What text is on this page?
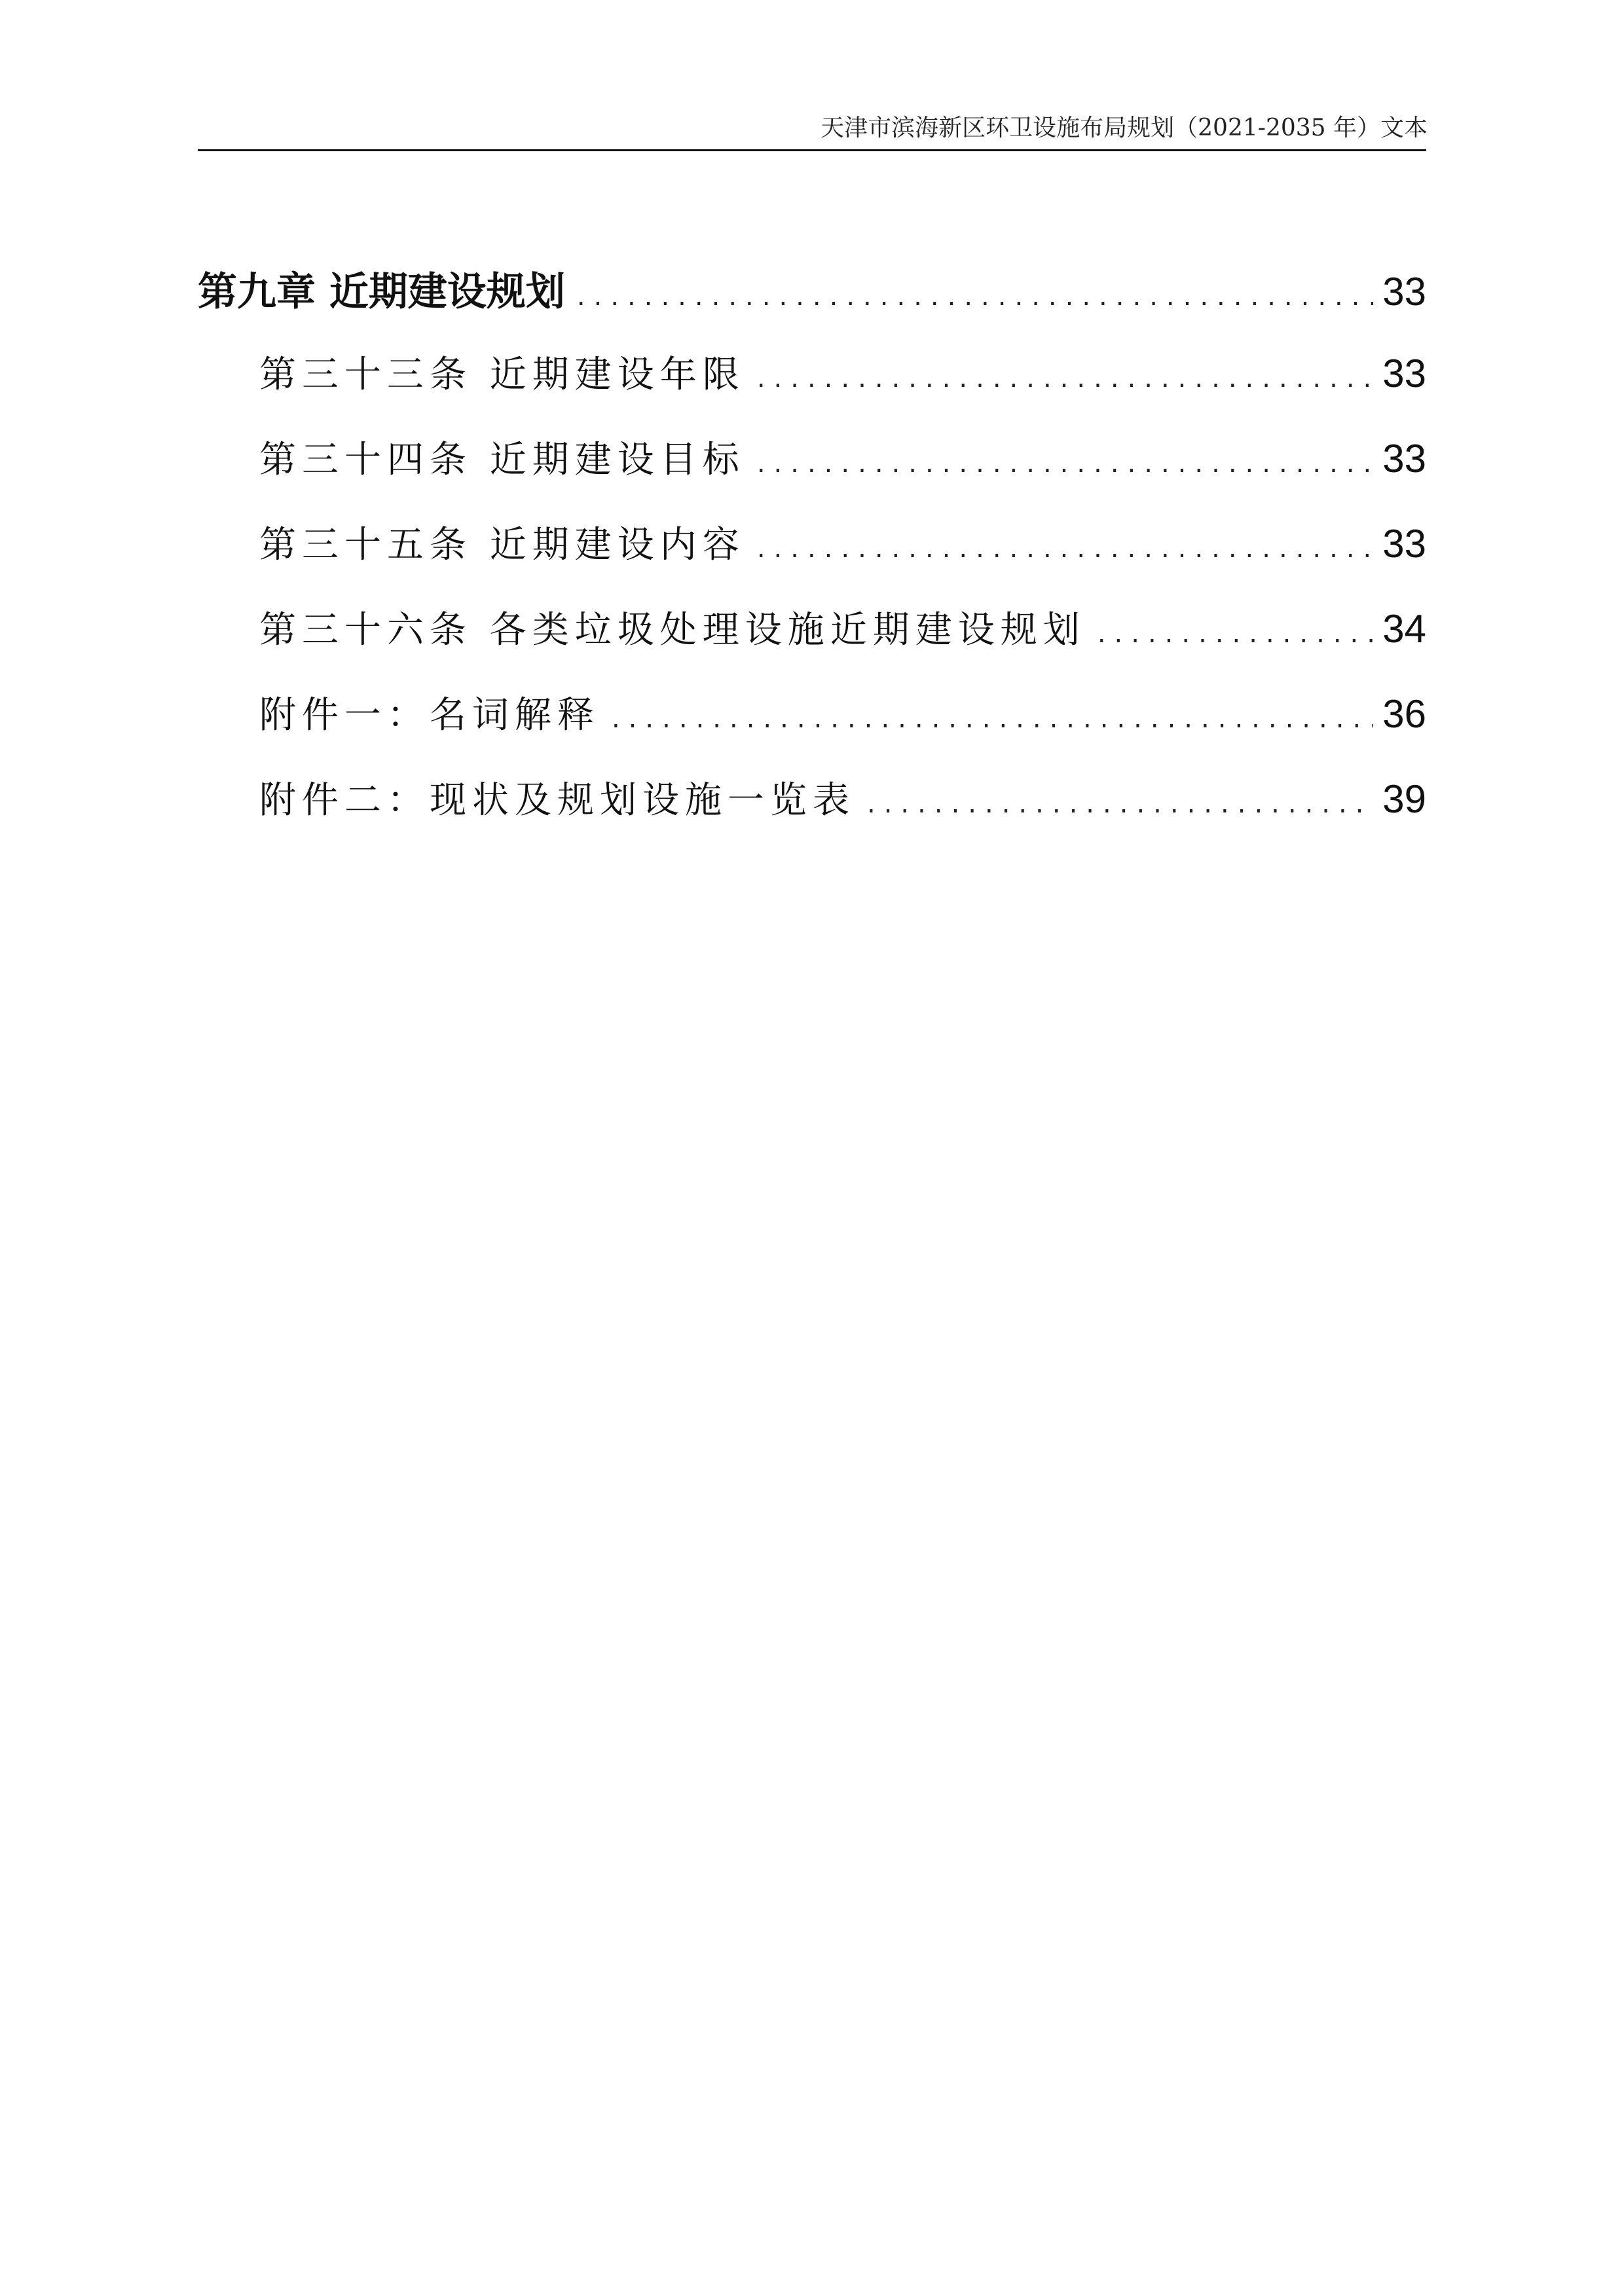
天津市滨海新区环卫设施布局规划（2021-2035 年）文本
第九章 近期建设规划 .....	33
第三十三条 近期建设年限 .....	33
第三十四条 近期建设目标 .....	33
第三十五条 近期建设内容 .....	33
第三十六条 各类垃圾处理设施近期建设规划 .....	34
附件一：名词解释 .....	36
附件二：现状及规划设施一览表 .....	39
